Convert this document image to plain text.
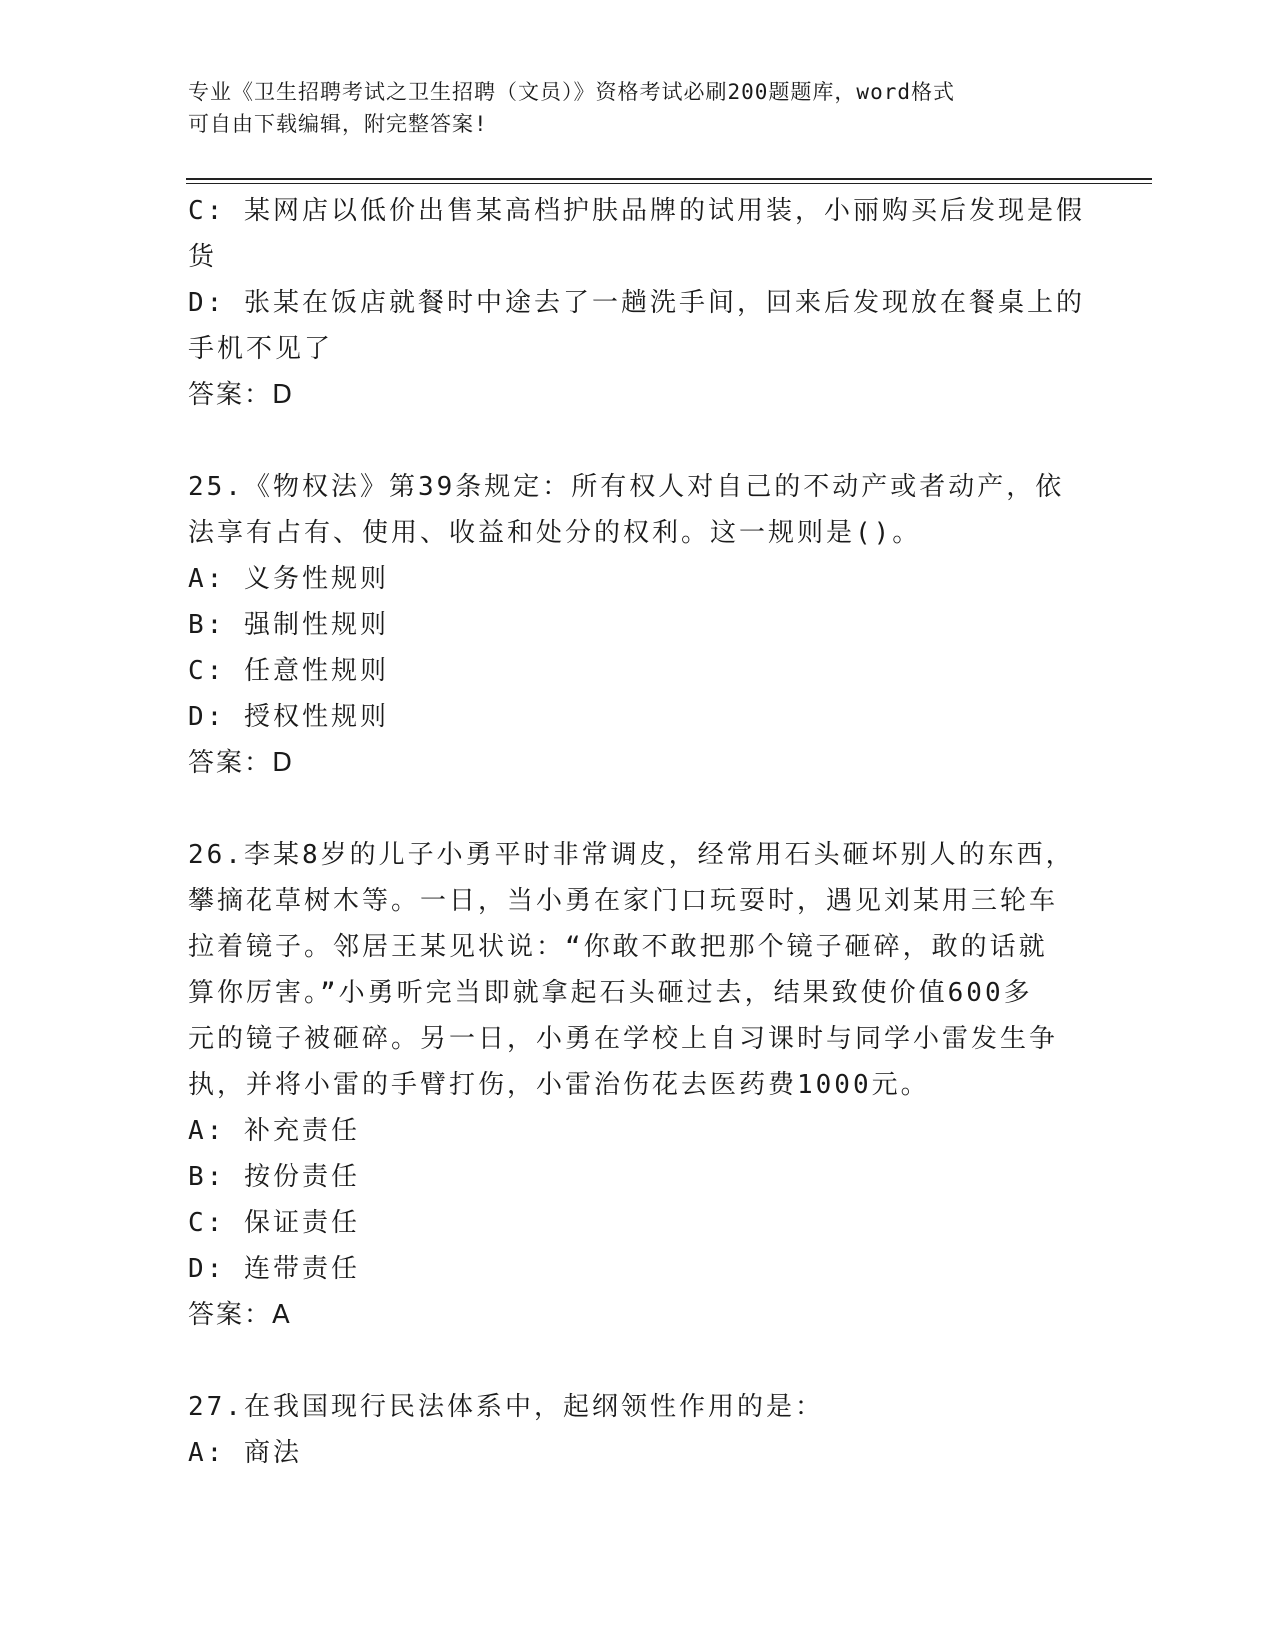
专业《卫生招聘考试之卫生招聘（文员）》资格考试必刷200题题库，word格式
可自由下载编辑，附完整答案!
C: 某网店以低价出售某高档护肤品牌的试用装，小丽购买后发现是假
货
D: 张某在饭店就餐时中途去了一趟洗手间，回来后发现放在餐桌上的
手机不见了
答案：D
25.《物权法》第39条规定：所有权人对自己的不动产或者动产，依
法享有占有、使用、收益和处分的权利。这一规则是()。
A: 义务性规则
B: 强制性规则
C: 任意性规则
D: 授权性规则
答案：D
26.李某8岁的儿子小勇平时非常调皮，经常用石头砸坏别人的东西，
攀摘花草树木等。一日，当小勇在家门口玩耍时，遇见刘某用三轮车
拉着镜子。邻居王某见状说：“你敢不敢把那个镜子砸碎，敢的话就
算你厉害。”小勇听完当即就拿起石头砸过去，结果致使价值600多
元的镜子被砸碎。另一日，小勇在学校上自习课时与同学小雷发生争
执，并将小雷的手臂打伤，小雷治伤花去医药费1000元。
A: 补充责任
B: 按份责任
C: 保证责任
D: 连带责任
答案：A
27.在我国现行民法体系中，起纲领性作用的是：
A: 商法
